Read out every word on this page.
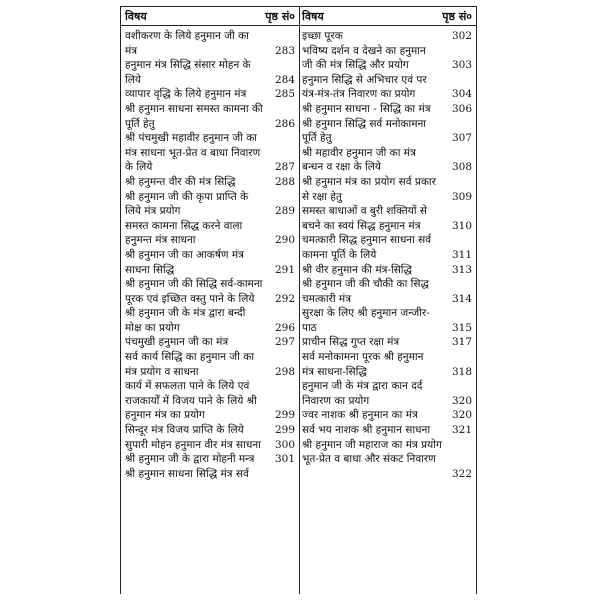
विषय	पृष्ठ सं०
वशीकरण के लिये हनुमान जी का
मंत्र	283
हनुमान मंत्र सिद्धि संसार मोहन के
लिये	284
व्यापार वृद्धि के लिये हनुमान मंत्र	285
श्री हनुमान साधना समस्त कामना की
पूर्ति हेतु	286
श्री पंचमुखी महावीर हनुमान जी का
मंत्र साधना भूत-प्रेत व बाधा निवारण
के लिये	287
श्री हनुमन्त वीर की मंत्र सिद्धि	288
श्री हनुमान जी की कृपा प्राप्ति के
लिये मंत्र प्रयोग	289
समस्त कामना सिद्ध करने वाला
हनुमन्त मंत्र साधना	290
श्री हनुमान जी का आकर्षण मंत्र
साधना सिद्धि	291
श्री हनुमान जी की सिद्धि सर्व-कामना
पूरक एवं इच्छित वस्तु पाने के लिये	292
श्री हनुमान जी के मंत्र द्वारा बन्दी
मोक्ष का प्रयोग	296
पंचमुखी हनुमान जी का मंत्र	297
सर्व कार्य सिद्धि का हनुमान जी का
मंत्र प्रयोग व साधना	298
कार्य में सफलता पाने के लिये एवं
राजकार्यों में विजय पाने के लिये श्री
हनुमान मंत्र का प्रयोग	299
सिन्दूर मंत्र विजय प्राप्ति के लिये	299
सुपारी मोहन हनुमान वीर मंत्र साधना	300
श्री हनुमान जी के द्वारा मोहनी मन्त्र	301
श्री हनुमान साधना सिद्धि मंत्र सर्व
विषय	पृष्ठ सं०
इच्छा पूरक	302
भविष्य दर्शन व देखने का हनुमान
जी की मंत्र सिद्धि और प्रयोग	303
हनुमान सिद्धि से अभिचार एवं पर
यंत्र-मंत्र-तंत्र निवारण का प्रयोग	304
श्री हनुमान साधना - सिद्धि का मंत्र	306
श्री हनुमान सिद्धि सर्व मनोकामना
पूर्ति हेतु	307
श्री महावीर हनुमान जी का मंत्र
बन्धन व रक्षा के लिये	308
श्री हनुमान मंत्र का प्रयोग सर्व प्रकार
से रक्षा हेतु	309
समस्त बाधाओं व बुरी शक्तियों से
बचने का स्वयं सिद्ध हनुमान मंत्र	310
चमत्कारी सिद्ध हनुमान साधना सर्व
कामना पूर्ति के लिये	311
श्री वीर हनुमान की मंत्र-सिद्धि	313
श्री हनुमान जी की चौकी का सिद्ध
चमत्कारी मंत्र	314
सुरक्षा के लिए श्री हनुमान जन्जीर-
पाठ	315
प्राचीन सिद्ध गुप्त रक्षा मंत्र	317
सर्व मनोकामना पूरक श्री हनुमान
मंत्र साधना-सिद्धि	318
हनुमान जी के मंत्र द्वारा कान दर्द
निवारण का प्रयोग	320
ज्वर नाशक श्री हनुमान का मंत्र	320
सर्व भय नाशक श्री हनुमान साधना	321
श्री हनुमान जी महाराज का मंत्र प्रयोग
भूत-प्रेत व बाधा और संकट निवारण
322
